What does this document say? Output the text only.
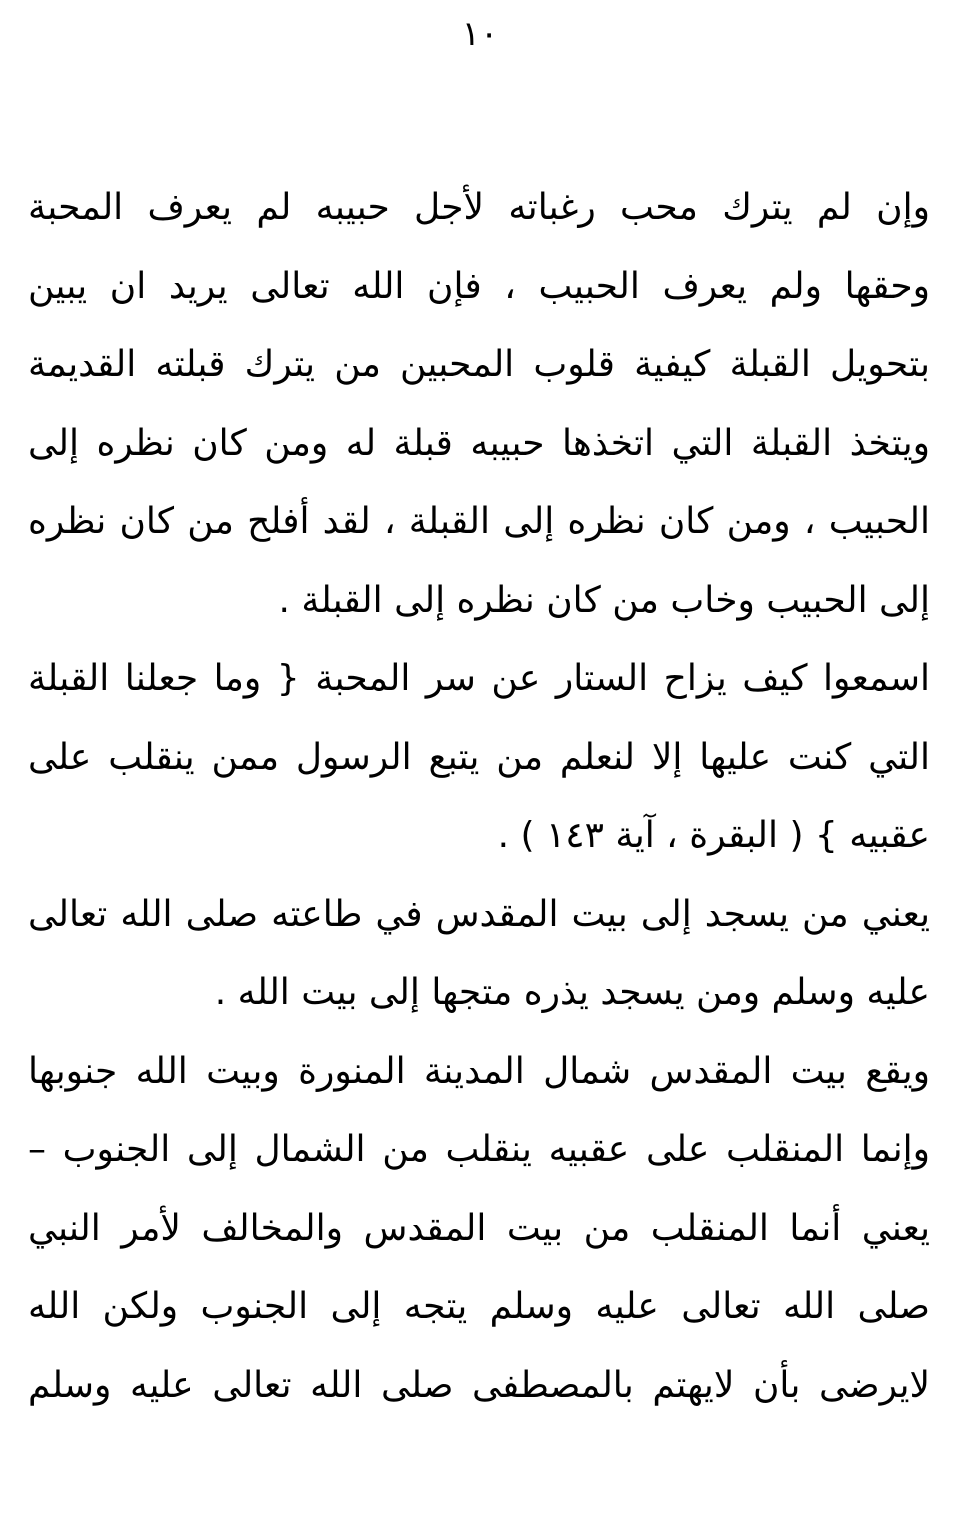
١٠
وإن لم يترك محب رغباته لأجل حبيبه لم يعرف المحبة
وحقها ولم يعرف الحبيب ، فإن الله تعالى يريد ان يبين
بتحويل القبلة كيفية قلوب المحبين من يترك قبلته القديمة
ويتخذ القبلة التي اتخذها حبيبه قبلة له ومن كان نظره إلى
الحبيب ، ومن كان نظره إلى القبلة ، لقد أفلح من كان نظره
إلى الحبيب وخاب من كان نظره إلى القبلة .
اسمعوا كيف يزاح الستار عن سر المحبة { وما جعلنا القبلة
التي كنت عليها إلا لنعلم من يتبع الرسول ممن ينقلب على
عقبيه } ( البقرة ، آية ١٤٣ ) .
يعني من يسجد إلى بيت المقدس في طاعته صلى الله تعالى
عليه وسلم ومن يسجد يذره متجها إلى بيت الله .
ويقع بيت المقدس شمال المدينة المنورة وبيت الله جنوبها
وإنما المنقلب على عقبيه ينقلب من الشمال إلى الجنوب –
يعني أنما المنقلب من بيت المقدس والمخالف لأمر النبي
صلى الله تعالى عليه وسلم يتجه إلى الجنوب ولكن الله
لايرضى بأن لايهتم بالمصطفى صلى الله تعالى عليه وسلم
